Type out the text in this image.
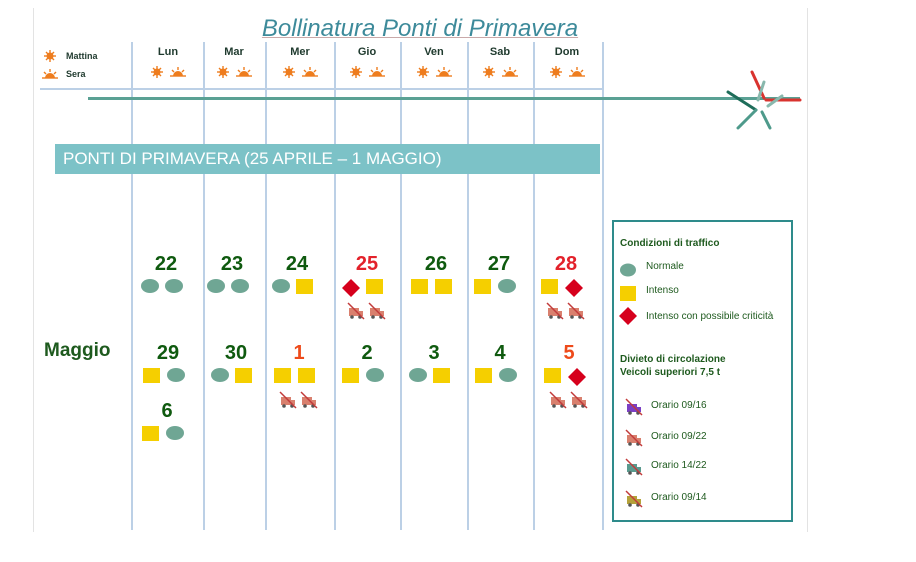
Bollinatura Ponti di Primavera
Mattina
Sera
Lun	Mar	Mer	Gio	Ven	Sab	Dom
PONTI DI PRIMAVERA (25 APRILE – 1 MAGGIO)
Maggio
22	23	24	25	26	27	28
29	30	1	2	3	4	5
6
Condizioni di traffico
Normale
Intenso
Intenso con possibile criticità
Divieto di circolazione
Veicoli superiori 7,5 t
Orario 09/16
Orario 09/22
Orario 14/22
Orario 09/14
